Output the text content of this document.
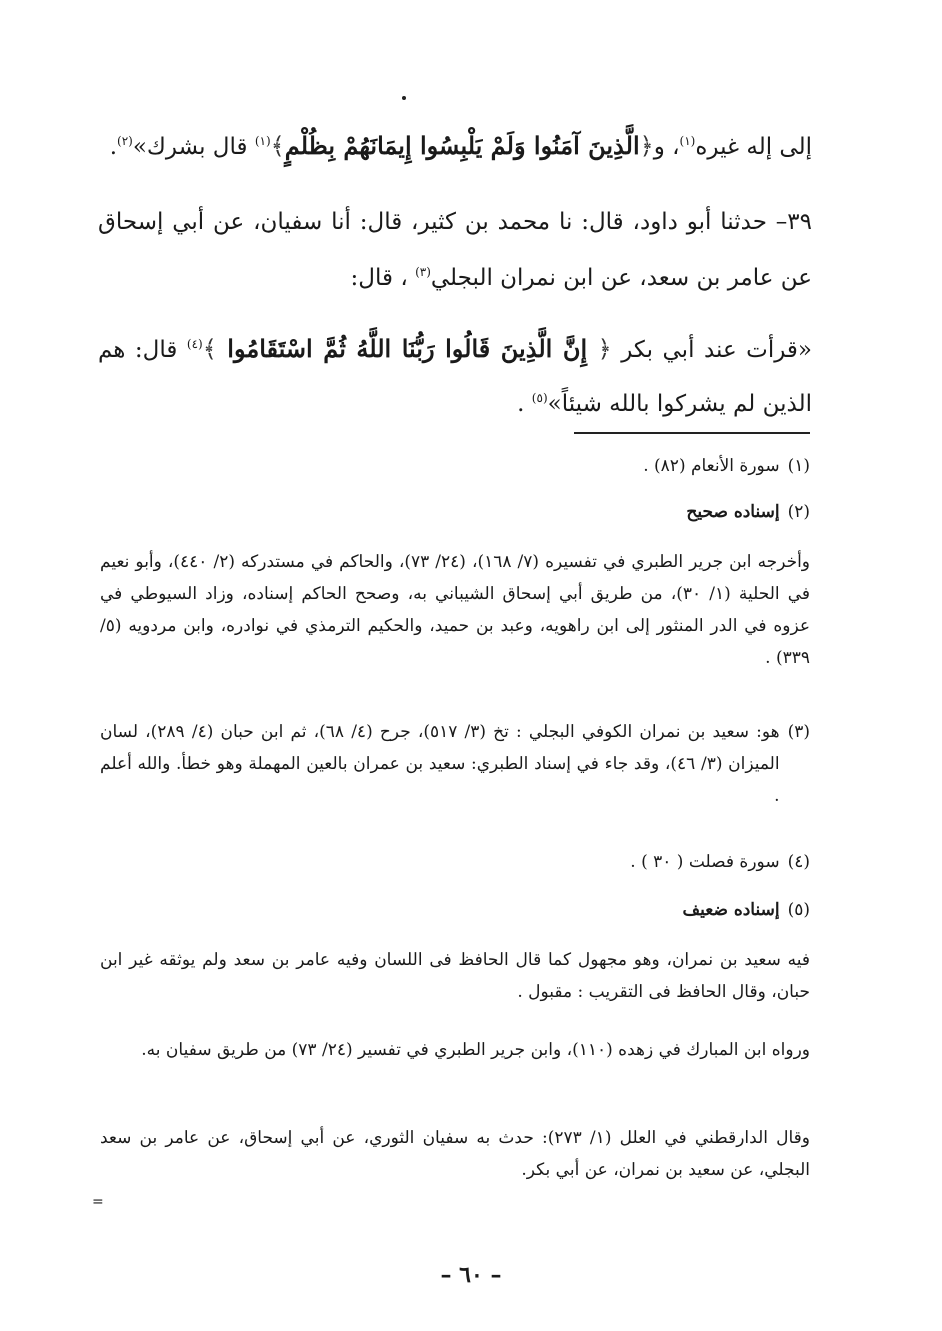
إلى إله غيره$^{(١)}$، و﴿الَّذِينَ آمَنُوا وَلَمْ يَلْبِسُوا إِيمَانَهُمْ بِظُلْمٍ﴾$^{(١)}$ قال بشرك»$^{(٢)}$.

٣٩– حدثنا أبو داود، قال: نا محمد بن كثير، قال: أنا سفيان، عن أبي إسحاق عن عامر بن سعد، عن ابن نمران البجلي$^{(٣)}$ ، قال:

«قرأت عند أبي بكر ﴿ إِنَّ الَّذِينَ قَالُوا رَبُّنَا اللَّهُ ثُمَّ اسْتَقَامُوا ﴾$^{(٤)}$ قال: هم الذين لم يشركوا بالله شيئاً»$^{(٥)}$ .

(١)
سورة الأنعام (٨٢) .
(٢)
إسناده صحيح
وأخرجه ابن جرير الطبري في تفسيره (٧/ ١٦٨)، (٢٤/ ٧٣)، والحاكم في مستدركه (٢/ ٤٤٠)، وأبو نعيم في الحلية (١/ ٣٠)، من طريق أبي إسحاق الشيباني به، وصحح الحاكم إسناده، وزاد السيوطي في عزوه في الدر المنثور إلى ابن راهويه، وعبد بن حميد، والحكيم الترمذي في نوادره، وابن مردويه (٥/ ٣٣٩) .
(٣)
هو: سعيد بن نمران الكوفي البجلي : تخ (٣/ ٥١٧)، جرح (٤/ ٦٨)، ثم ابن حبان (٤/ ٢٨٩)، لسان الميزان (٣/ ٤٦)، وقد جاء في إسناد الطبري: سعيد بن عمران بالعين المهملة وهو خطأ. والله أعلم .
(٤)
سورة فصلت ( ٣٠ ) .
(٥)
إسناده ضعيف
فيه سعيد بن نمران، وهو مجهول كما قال الحافظ فى اللسان وفيه عامر بن سعد ولم يوثقه غير ابن حبان، وقال الحافظ فى التقريب : مقبول .
ورواه ابن المبارك في زهده (١١٠)، وابن جرير الطبري في تفسير (٢٤/ ٧٣) من طريق سفيان به.
وقال الدارقطني في العلل (١/ ٢٧٣): حدث به سفيان الثوري، عن أبي إسحاق، عن عامر بن سعد البجلي، عن سعيد بن نمران، عن أبي بكر.
=
– ٦٠ –
